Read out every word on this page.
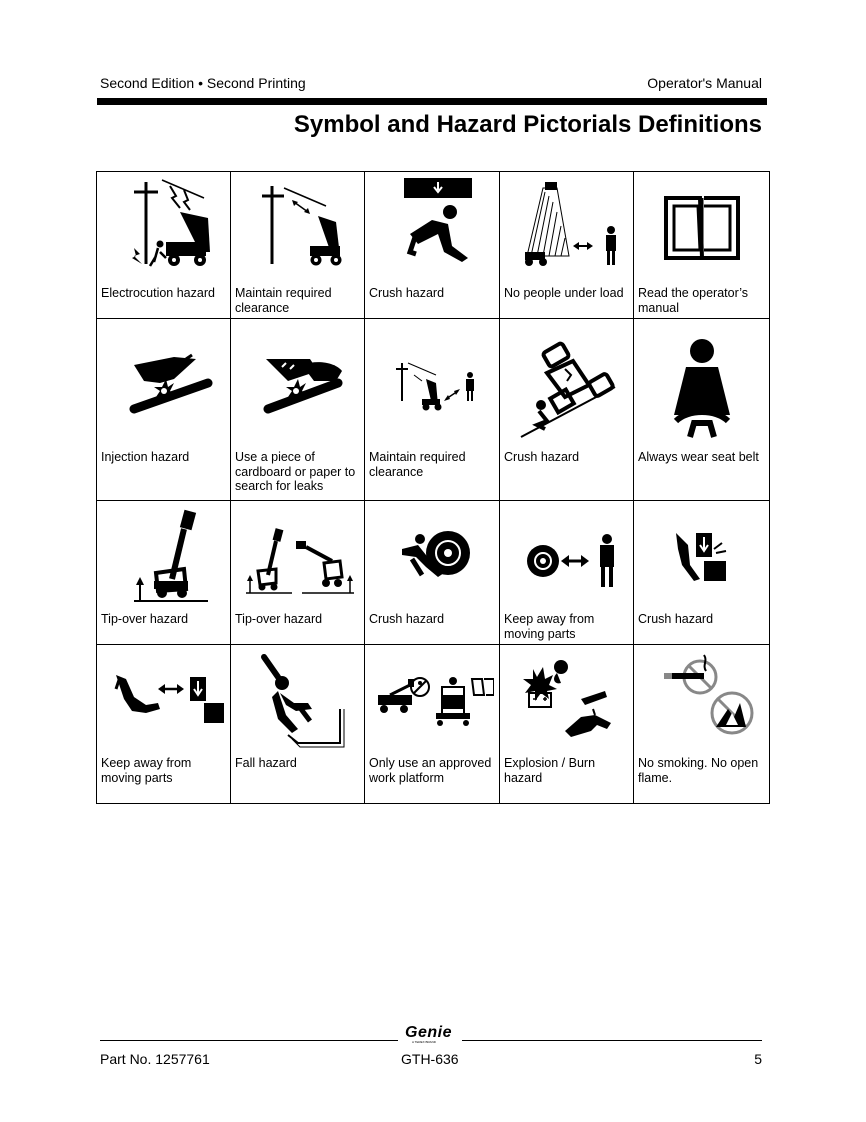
Second Edition • Second Printing	Operator's Manual
Symbol and Hazard Pictorials Definitions
Electrocution hazard	Maintain required clearance	Crush hazard	No people under load	Read the operator’s manual

Injection hazard	Use a piece of cardboard or paper to search for leaks	Maintain required clearance	Crush hazard	Always wear seat belt

Tip-over hazard	Tip-over hazard	Crush hazard	Keep away from moving parts	Crush hazard

Keep away from moving parts	Fall hazard	Only use an approved work platform	Explosion / Burn hazard	No smoking. No open flame.
Genie
A TEREX BRAND
Part No. 1257761	GTH-636	5
